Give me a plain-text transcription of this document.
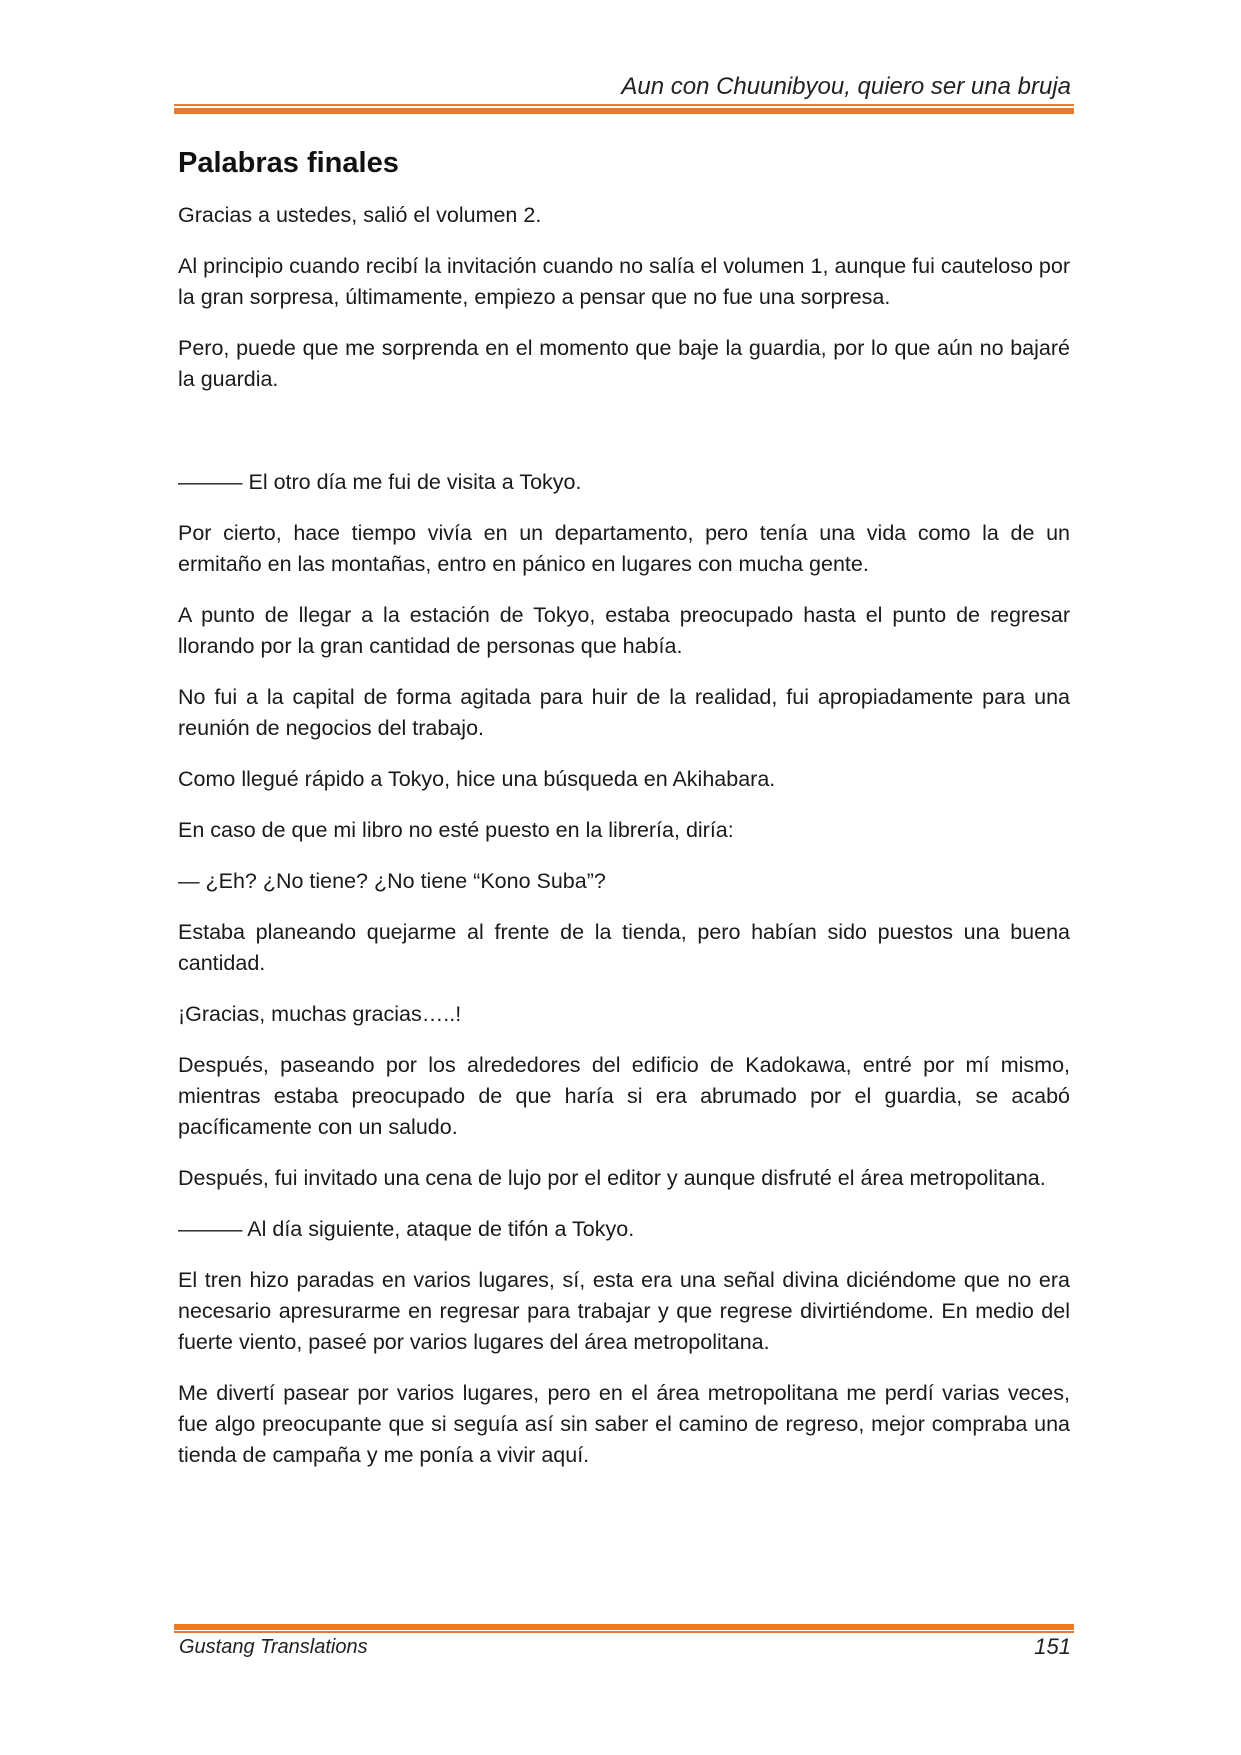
Aun con Chuunibyou, quiero ser una bruja
Palabras finales

Gracias a ustedes, salió el volumen 2.

Al principio cuando recibí la invitación cuando no salía el volumen 1, aunque fui cauteloso por la gran sorpresa, últimamente, empiezo a pensar que no fue una sorpresa.

Pero, puede que me sorprenda en el momento que baje la guardia, por lo que aún no bajaré la guardia.

——— El otro día me fui de visita a Tokyo.

Por cierto, hace tiempo vivía en un departamento, pero tenía una vida como la de un ermitaño en las montañas, entro en pánico en lugares con mucha gente.

A punto de llegar a la estación de Tokyo, estaba preocupado hasta el punto de regresar llorando por la gran cantidad de personas que había.

No fui a la capital de forma agitada para huir de la realidad, fui apropiadamente para una reunión de negocios del trabajo.

Como llegué rápido a Tokyo, hice una búsqueda en Akihabara.

En caso de que mi libro no esté puesto en la librería, diría:

— ¿Eh? ¿No tiene? ¿No tiene “Kono Suba”?

Estaba planeando quejarme al frente de la tienda, pero habían sido puestos una buena cantidad.

¡Gracias, muchas gracias…..!

Después, paseando por los alrededores del edificio de Kadokawa, entré por mí mismo, mientras estaba preocupado de que haría si era abrumado por el guardia, se acabó pacíficamente con un saludo.

Después, fui invitado una cena de lujo por el editor y aunque disfruté el área metropolitana.

——— Al día siguiente, ataque de tifón a Tokyo.

El tren hizo paradas en varios lugares, sí, esta era una señal divina diciéndome que no era necesario apresurarme en regresar para trabajar y que regrese divirtiéndome. En medio del fuerte viento, paseé por varios lugares del área metropolitana.

Me divertí pasear por varios lugares, pero en el área metropolitana me perdí varias veces, fue algo preocupante que si seguía así sin saber el camino de regreso, mejor compraba una tienda de campaña y me ponía a vivir aquí.

Gustang Translations	151
